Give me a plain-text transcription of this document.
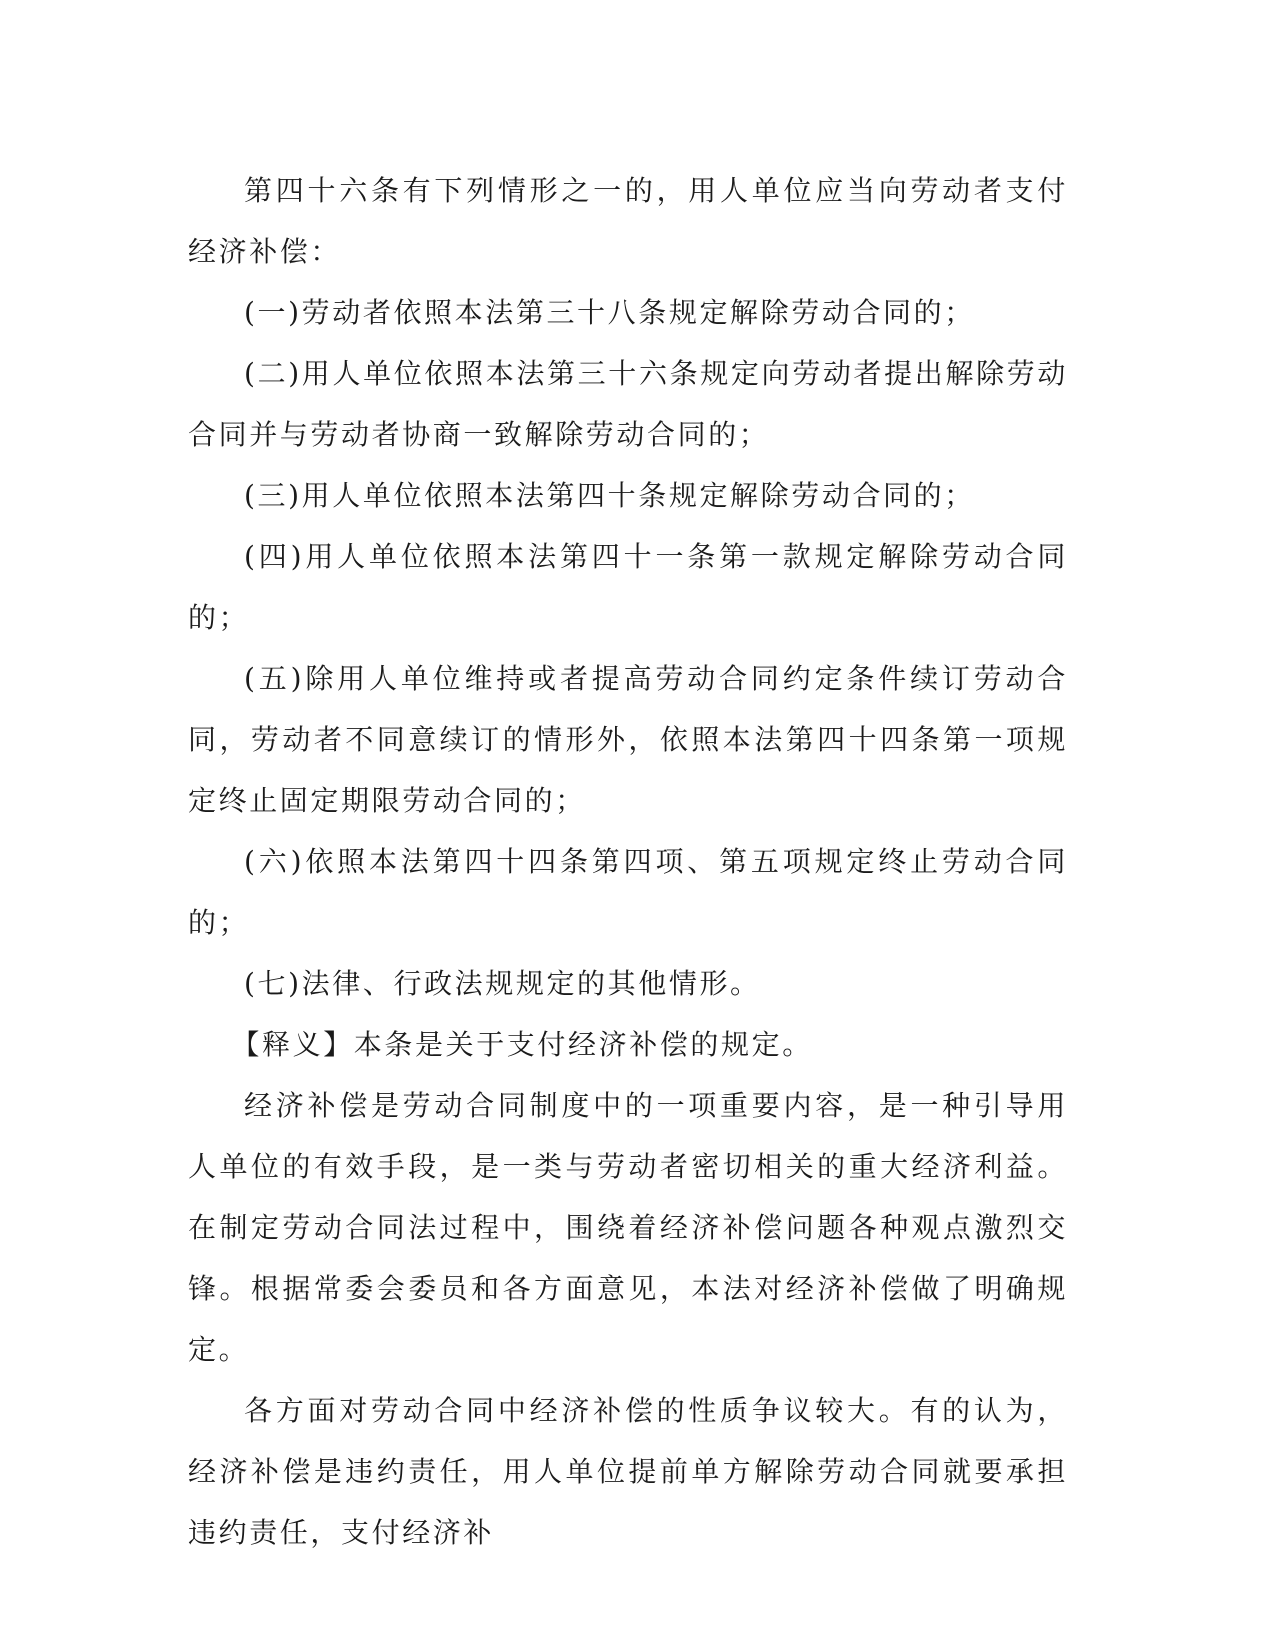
第四十六条有下列情形之一的，用人单位应当向劳动者支付经济补偿：

(一)劳动者依照本法第三十八条规定解除劳动合同的；

(二)用人单位依照本法第三十六条规定向劳动者提出解除劳动合同并与劳动者协商一致解除劳动合同的；

(三)用人单位依照本法第四十条规定解除劳动合同的；

(四)用人单位依照本法第四十一条第一款规定解除劳动合同的；

(五)除用人单位维持或者提高劳动合同约定条件续订劳动合同，劳动者不同意续订的情形外，依照本法第四十四条第一项规定终止固定期限劳动合同的；

(六)依照本法第四十四条第四项、第五项规定终止劳动合同的；

(七)法律、行政法规规定的其他情形。

【释义】本条是关于支付经济补偿的规定。

经济补偿是劳动合同制度中的一项重要内容，是一种引导用人单位的有效手段，是一类与劳动者密切相关的重大经济利益。在制定劳动合同法过程中，围绕着经济补偿问题各种观点激烈交锋。根据常委会委员和各方面意见，本法对经济补偿做了明确规定。

各方面对劳动合同中经济补偿的性质争议较大。有的认为，经济补偿是违约责任，用人单位提前单方解除劳动合同就要承担违约责任，支付经济补
